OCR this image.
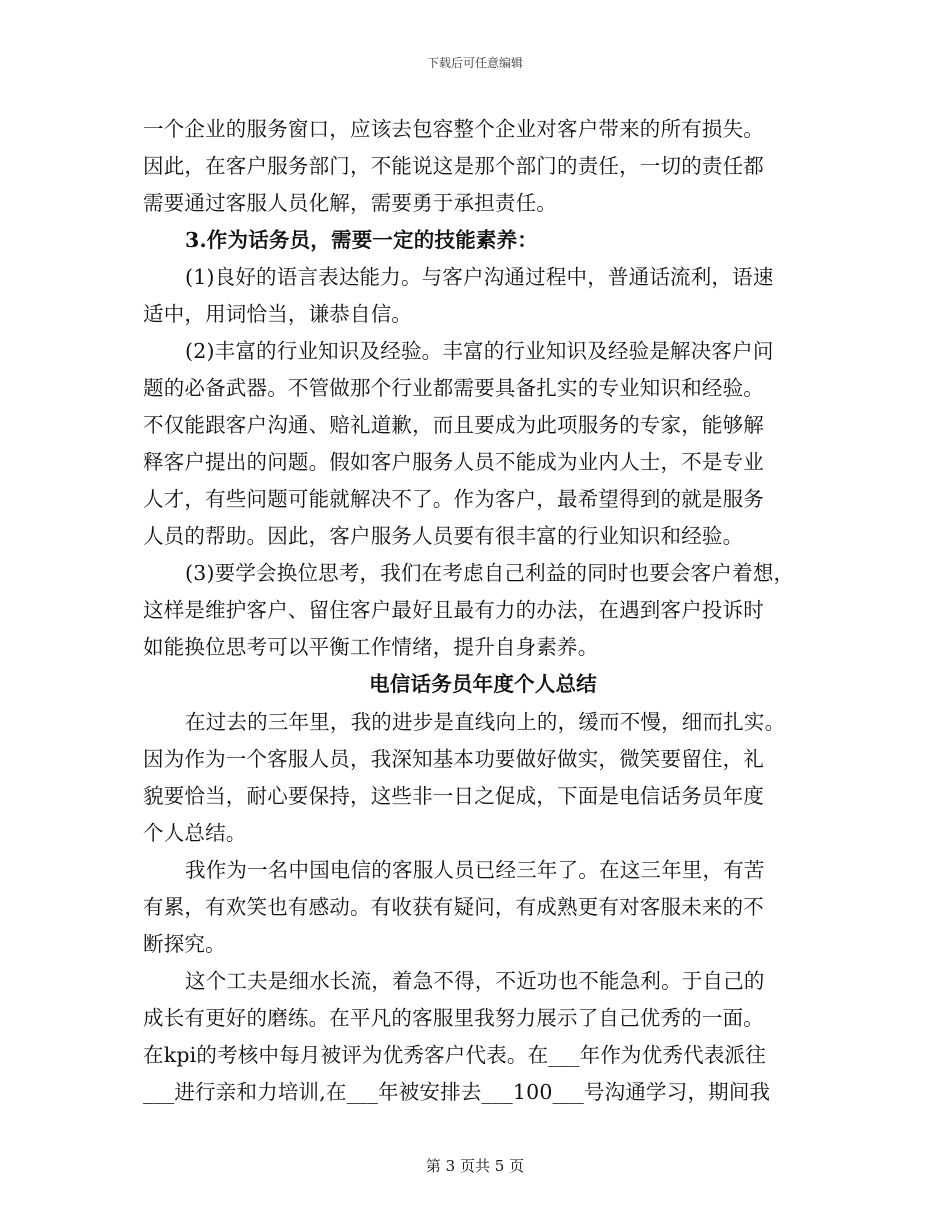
下载后可任意编辑
一个企业的服务窗口，应该去包容整个企业对客户带来的所有损失。
因此，在客户服务部门，不能说这是那个部门的责任，一切的责任都
需要通过客服人员化解，需要勇于承担责任。
3.作为话务员，需要一定的技能素养：
(1)良好的语言表达能力。与客户沟通过程中，普通话流利，语速
适中，用词恰当，谦恭自信。
(2)丰富的行业知识及经验。丰富的行业知识及经验是解决客户问
题的必备武器。不管做那个行业都需要具备扎实的专业知识和经验。
不仅能跟客户沟通、赔礼道歉，而且要成为此项服务的专家，能够解
释客户提出的问题。假如客户服务人员不能成为业内人士，不是专业
人才，有些问题可能就解决不了。作为客户，最希望得到的就是服务
人员的帮助。因此，客户服务人员要有很丰富的行业知识和经验。
(3)要学会换位思考，我们在考虑自己利益的同时也要会客户着想，
这样是维护客户、留住客户最好且最有力的办法，在遇到客户投诉时
如能换位思考可以平衡工作情绪，提升自身素养。
电信话务员年度个人总结
在过去的三年里，我的进步是直线向上的，缓而不慢，细而扎实。
因为作为一个客服人员，我深知基本功要做好做实，微笑要留住，礼
貌要恰当，耐心要保持，这些非一日之促成，下面是电信话务员年度
个人总结。
我作为一名中国电信的客服人员已经三年了。在这三年里，有苦
有累，有欢笑也有感动。有收获有疑问，有成熟更有对客服未来的不
断探究。
这个工夫是细水长流，着急不得，不近功也不能急利。于自己的
成长有更好的磨练。在平凡的客服里我努力展示了自己优秀的一面。
在kpi的考核中每月被评为优秀客户代表。在___年作为优秀代表派往
___进行亲和力培训,在___年被安排去___100___号沟通学习，期间我
第 3 页共 5 页
